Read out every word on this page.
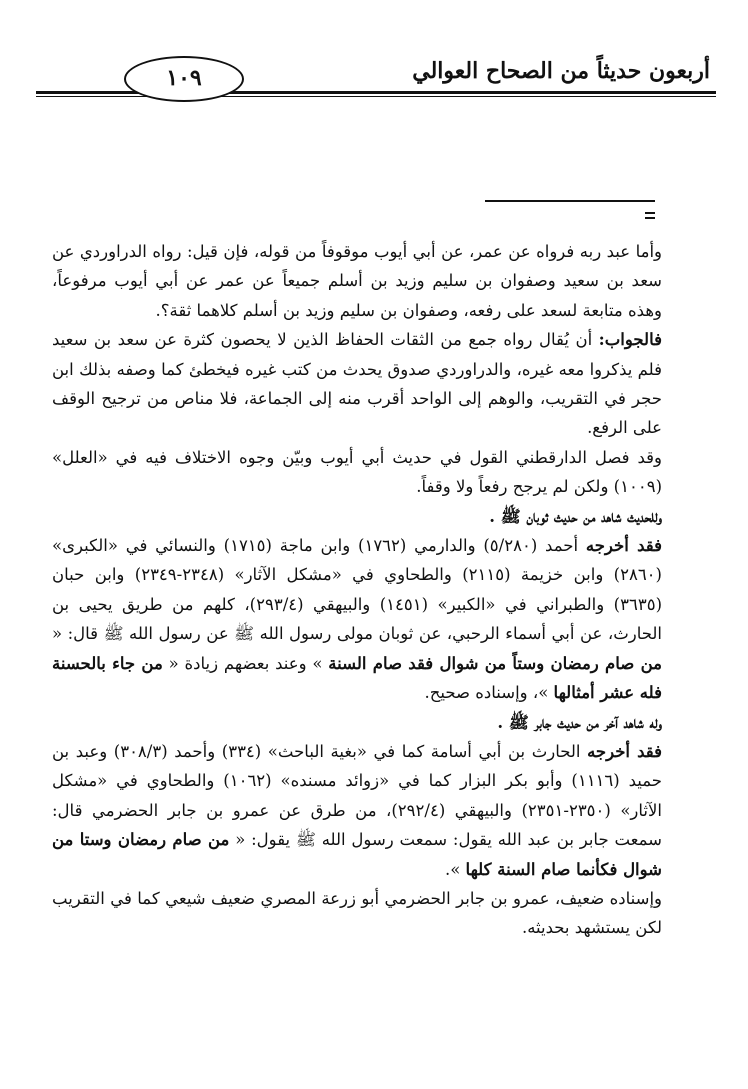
أربعون حديثاً من الصحاح العوالي
١٠٩

وأما عبد ربه فرواه عن عمر، عن أبي أيوب موقوفاً من قوله، فإن قيل: رواه الدراوردي عن سعد بن سعيد وصفوان بن سليم وزيد بن أسلم جميعاً عن عمر عن أبي أيوب مرفوعاً، وهذه متابعة لسعد على رفعه، وصفوان بن سليم وزيد بن أسلم كلاهما ثقة؟.

فالجواب: أن يُقال رواه جمع من الثقات الحفاظ الذين لا يحصون كثرة عن سعد بن سعيد فلم يذكروا معه غيره، والدراوردي صدوق يحدث من كتب غيره فيخطئ كما وصفه بذلك ابن حجر في التقريب، والوهم إلى الواحد أقرب منه إلى الجماعة، فلا مناص من ترجيح الوقف على الرفع.

وقد فصل الدارقطني القول في حديث أبي أيوب وبيّن وجوه الاختلاف فيه في «العلل» (١٠٠٩) ولكن لم يرجح رفعاً ولا وقفاً.

وللحديث شاهد من حديث ثوبان ﷺ .

فقد أخرجه أحمد (٥/٢٨٠) والدارمي (١٧٦٢) وابن ماجة (١٧١٥) والنسائي في «الكبرى» (٢٨٦٠) وابن خزيمة (٢١١٥) والطحاوي في «مشكل الآثار» (٢٣٤٨-٢٣٤٩) وابن حبان (٣٦٣٥) والطبراني في «الكبير» (١٤٥١) والبيهقي (٢٩٣/٤)، كلهم من طريق يحيى بن الحارث، عن أبي أسماء الرحبي، عن ثوبان مولى رسول الله ﷺ عن رسول الله ﷺ قال: « من صام رمضان وستاً من شوال فقد صام السنة » وعند بعضهم زيادة « من جاء بالحسنة فله عشر أمثالها »، وإسناده صحيح.

وله شاهد آخر من حديث جابر ﷺ .

فقد أخرجه الحارث بن أبي أسامة كما في «بغية الباحث» (٣٣٤) وأحمد (٣٠٨/٣) وعبد بن حميد (١١١٦) وأبو بكر البزار كما في «زوائد مسنده» (١٠٦٢) والطحاوي في «مشكل الآثار» (٢٣٥٠-٢٣٥١) والبيهقي (٢٩٢/٤)، من طرق عن عمرو بن جابر الحضرمي قال: سمعت جابر بن عبد الله يقول: سمعت رسول الله ﷺ يقول: « من صام رمضان وستا من شوال فكأنما صام السنة كلها ».

وإسناده ضعيف، عمرو بن جابر الحضرمي أبو زرعة المصري ضعيف شيعي كما في التقريب لكن يستشهد بحديثه.
